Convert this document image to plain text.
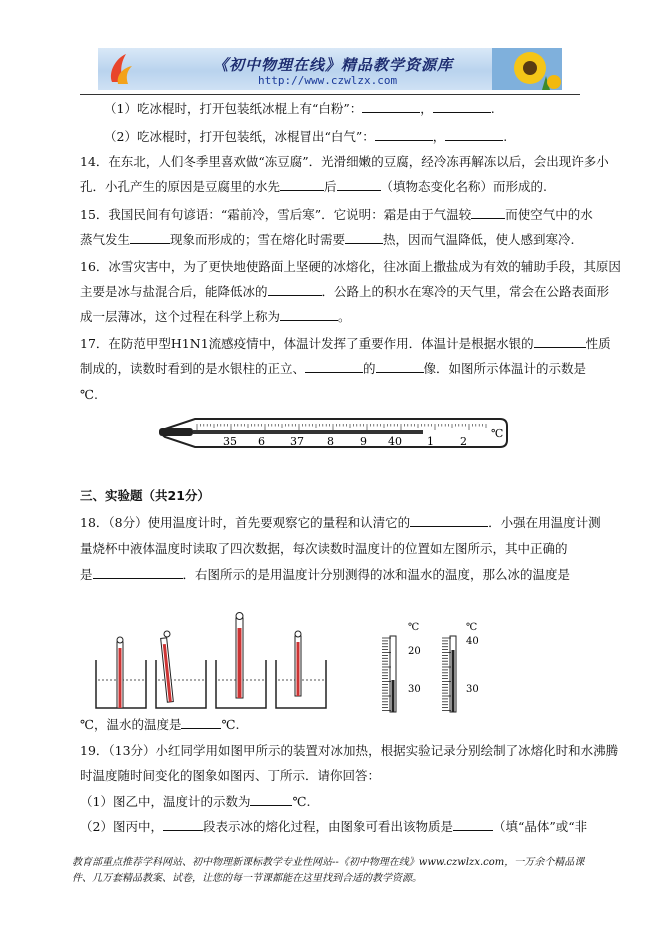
《初中物理在线》精品教学资源库
http://www.czwlzx.com
（1）吃冰棍时，打开包装纸冰棍上有“白粉”：	，	.
（2）吃冰棍时，打开包装纸，冰棍冒出“白气”：	，	.
14．在东北，人们冬季里喜欢做“冻豆腐”．光滑细嫩的豆腐，经冷冻再解冻以后，会出现许多小
孔．小孔产生的原因是豆腐里的水先	后	（填物态变化名称）而形成的.
15．我国民间有句谚语：“霜前冷，雪后寒”．它说明：霜是由于气温较	而使空气中的水
蒸气发生	现象而形成的；雪在熔化时需要	热，因而气温降低，使人感到寒冷.
16．冰雪灾害中，为了更快地使路面上坚硬的冰熔化，往冰面上撒盐成为有效的辅助手段，其原因
主要是冰与盐混合后，能降低冰的	．公路上的积水在寒冷的天气里，常会在公路表面形
成一层薄冰，这个过程在科学上称为	。
17．在防范甲型H1N1流感疫情中，体温计发挥了重要作用．体温计是根据水银的	性质
制成的，读数时看到的是水银柱的正立、	的	像．如图所示体温计的示数是
℃.
35 6 37 8 9 40 1 2
℃
三、实验题（共21分）
18．（8分）使用温度计时，首先要观察它的量程和认清它的	．小强在用温度计测
量烧杯中液体温度时读取了四次数据，每次读数时温度计的位置如左图所示，其中正确的
是	．右图所示的是用温度计分别测得的冰和温水的温度，那么冰的温度是
℃
20
30
℃
40
30
℃，温水的温度是	℃.
19．（13分）小红同学用如图甲所示的装置对冰加热，根据实验记录分别绘制了冰熔化时和水沸腾
时温度随时间变化的图象如图丙、丁所示．请你回答：
（1）图乙中，温度计的示数为	℃.
（2）图丙中，	段表示冰的熔化过程，由图象可看出该物质是	（填“晶体”或“非
教育部重点推荐学科网站、初中物理新课标教学专业性网站--《初中物理在线》www.czwlzx.com，一万余个精品课
件、几万套精品教案、试卷，让您的每一节课都能在这里找到合适的教学资源。
